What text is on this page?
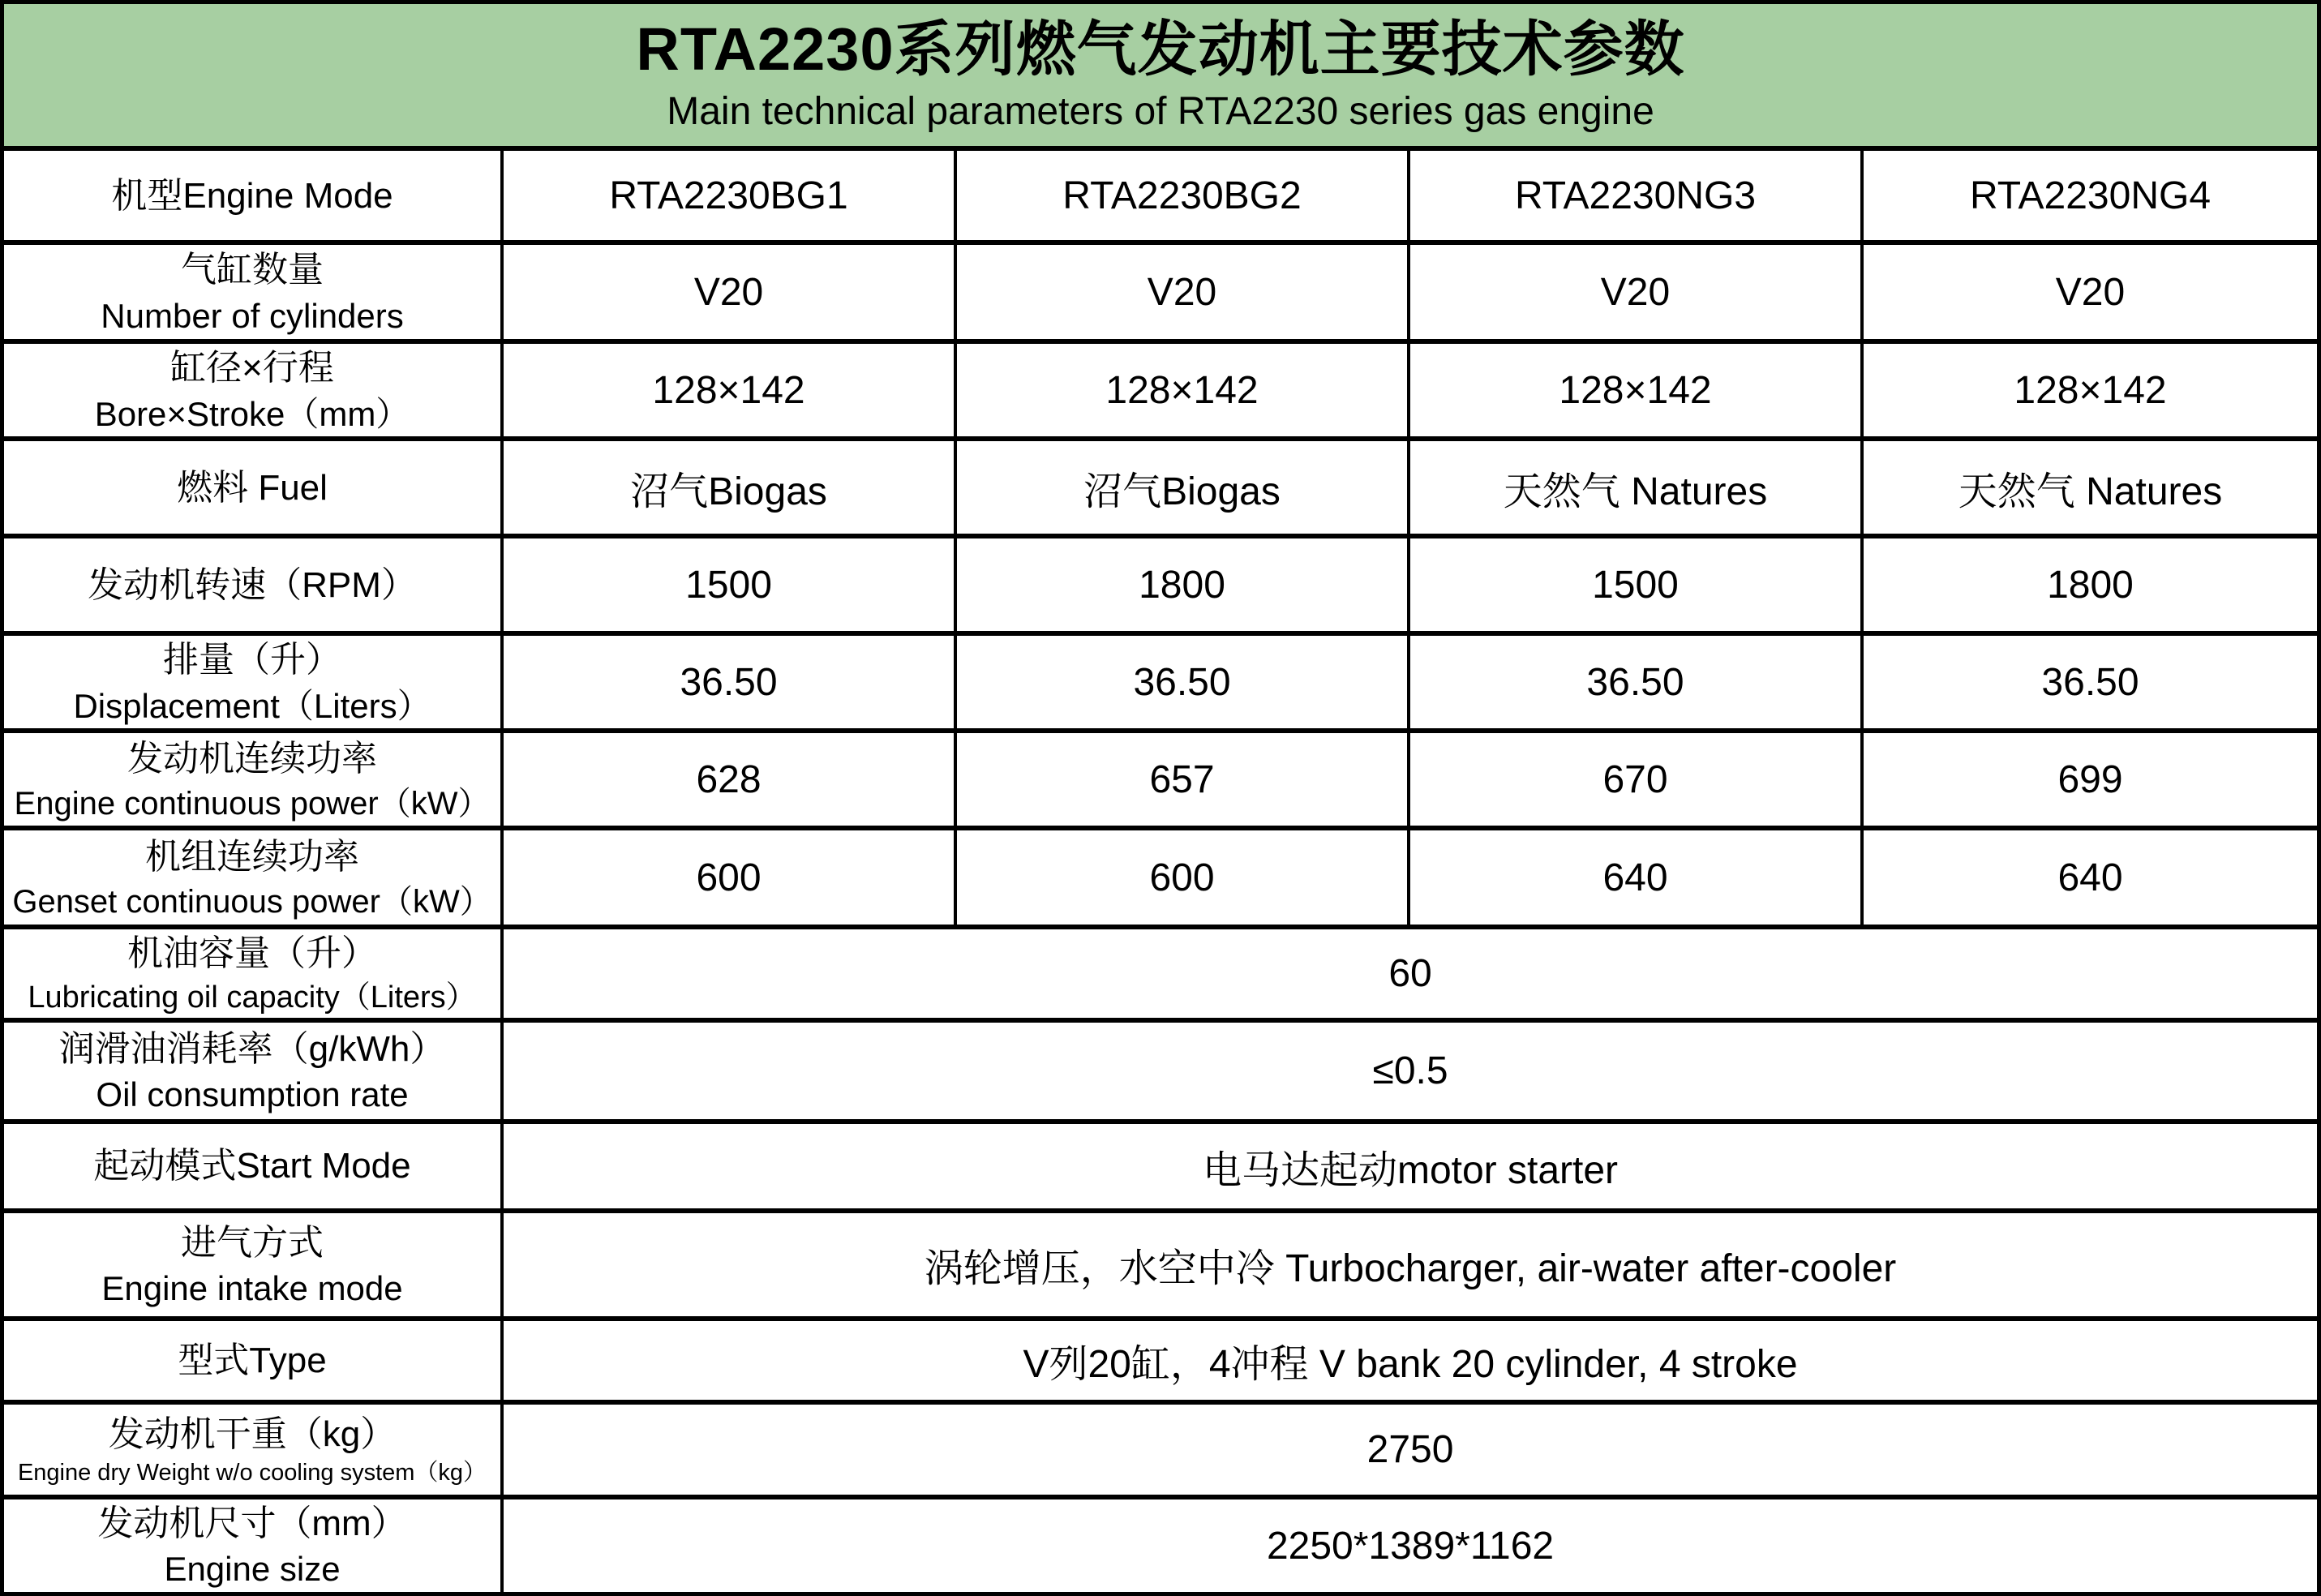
RTA2230系列燃气发动机主要技术参数
Main technical parameters of RTA2230 series gas engine
机型Engine Mode	RTA2230BG1	RTA2230BG2	RTA2230NG3	RTA2230NG4

气缸数量
Number of cylinders	V20	V20	V20	V20

缸径×行程
Bore×Stroke（mm）	128×142	128×142	128×142	128×142

燃料 Fuel	沼气Biogas	沼气Biogas	天然气 Natures	天然气 Natures

发动机转速（RPM）	1500	1800	1500	1800

排量（升）
Displacement（Liters）	36.50	36.50	36.50	36.50

发动机连续功率
Engine continuous power（kW）	628	657	670	699

机组连续功率
Genset continuous power（kW）	600	600	640	640

机油容量（升）
Lubricating oil capacity（Liters）	60			

润滑油消耗率（g/kWh）
Oil consumption rate	≤0.5			

起动模式Start Mode	电马达起动motor starter			

进气方式
Engine intake mode	涡轮增压，水空中冷 Turbocharger, air-water after-cooler			

型式Type	V列20缸，4冲程 V bank 20 cylinder, 4 stroke			

发动机干重（kg）
Engine dry Weight w/o cooling system（kg）	2750			

发动机尺寸（mm）
Engine size	2250*1389*1162			
